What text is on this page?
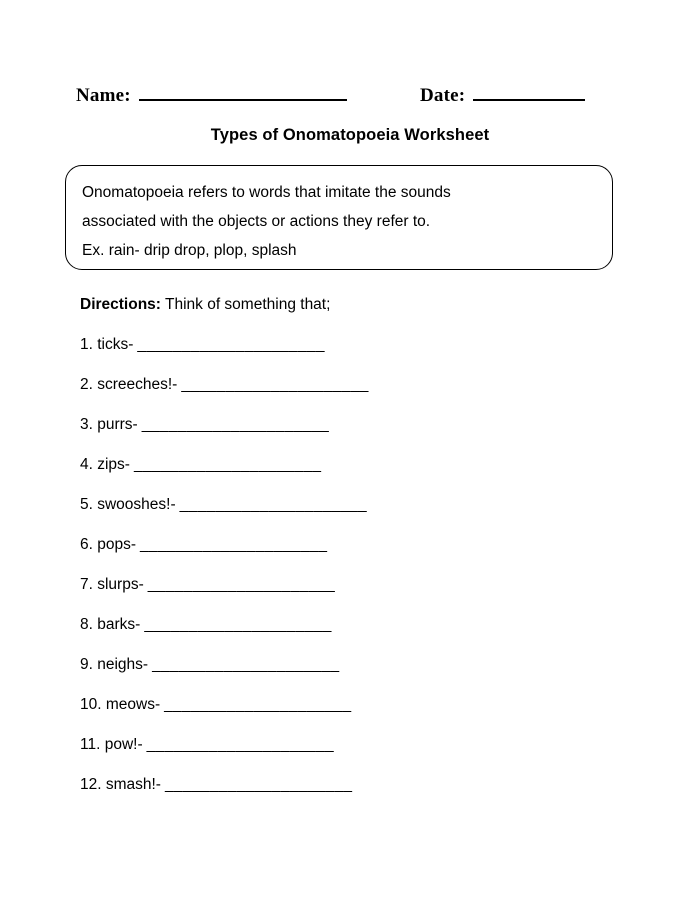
Name:	Date:
Types of Onomatopoeia Worksheet
Onomatopoeia refers to words that imitate the sounds
associated with the objects or actions they refer to.
Ex. rain- drip drop, plop, splash
Directions: Think of something that;
1. ticks- _____________________
2. screeches!- _____________________
3. purrs- _____________________
4. zips- _____________________
5. swooshes!- _____________________
6. pops- _____________________
7. slurps- _____________________
8. barks- _____________________
9. neighs- _____________________
10. meows- _____________________
11. pow!- _____________________
12. smash!- _____________________
